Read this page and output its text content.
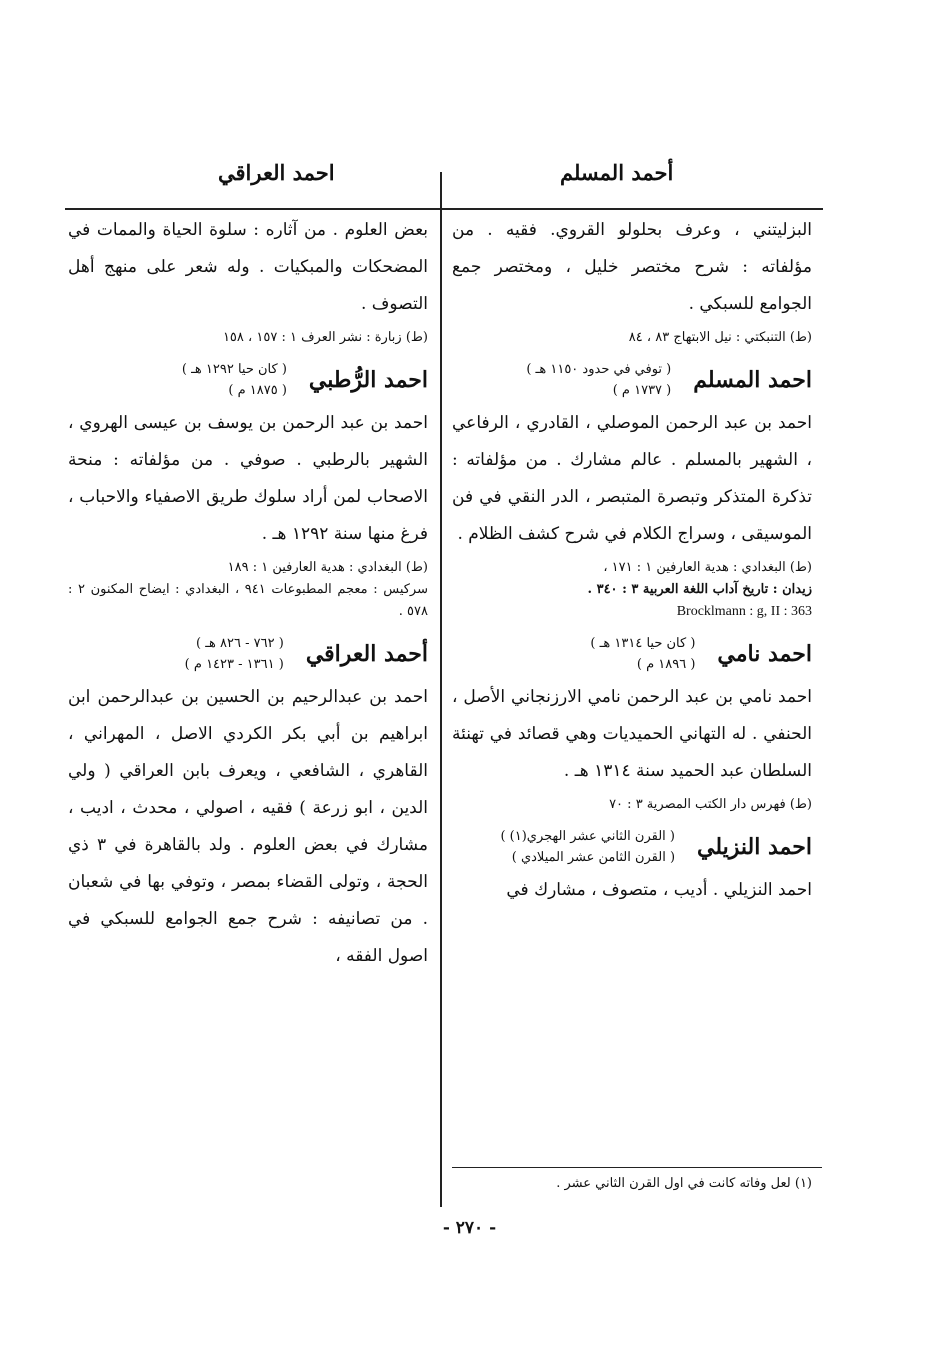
أحمد المسلم
احمد العراقي

البزليتني ، وعرف بحلولو القروي. فقيه . من مؤلفاته : شرح مختصر خليل ، ومختصر جمع الجوامع للسبكي .

(ط) التنبكتي : نيل الابتهاج ٨٣ ، ٨٤

احمد المسلم
( توفي في حدود ١١٥٠ هـ )
( ١٧٣٧ م )

احمد بن عبد الرحمن الموصلي ، القادري ، الرفاعي ، الشهير بالمسلم . عالم مشارك . من مؤلفاته : تذكرة المتذكر وتبصرة المتبصر ، الدر النقي في فن الموسيقى ، وسراج الكلام في شرح كشف الظلام .

(ط) البغدادي : هدية العارفين ١ : ١٧١ ،

زيدان : تاريخ آداب اللغة العربية ٣ : ٣٤٠ .

Brocklmann : g, II : 363

احمد نامي
( كان حيا ١٣١٤ هـ )
( ١٨٩٦ م )

احمد نامي بن عبد الرحمن نامي الارزنجاني الأصل ، الحنفي . له التهاني الحميديات وهي قصائد في تهنئة السلطان عبد الحميد سنة ١٣١٤ هـ .

(ط) فهرس دار الكتب المصرية ٣ : ٧٠

احمد النزيلي
( القرن الثاني عشر الهجري(١) )
( القرن الثامن عشر الميلادي )

احمد النزيلي . أديب ، متصوف ، مشارك في

بعض العلوم . من آثاره : سلوة الحياة والممات في المضحكات والمبكيات . وله شعر على منهج أهل التصوف .

(ط) زبارة : نشر العرف ١ : ١٥٧ ، ١٥٨

احمد الرُّطبي
( كان حيا ١٢٩٢ هـ )
( ١٨٧٥ م )

احمد بن عبد الرحمن بن يوسف بن عيسى الهروي ، الشهير بالرطبي . صوفي . من مؤلفاته : منحة الاصحاب لمن أراد سلوك طريق الاصفياء والاحباب ، فرغ منها سنة ١٢٩٢ هـ .

(ط) البغدادي : هدية العارفين ١ : ١٨٩

سركيس : معجم المطبوعات ٩٤١ ، البغدادي : ايضاح المكنون ٢ : ٥٧٨ .

أحمد العراقي
( ٧٦٢ - ٨٢٦ هـ )
( ١٣٦١ - ١٤٢٣ م )

احمد بن عبدالرحيم بن الحسين بن عبدالرحمن ابن ابراهيم بن أبي بكر الكردي الاصل ، المهراني ، القاهري ، الشافعي ، ويعرف بابن العراقي ( ولي الدين ، ابو زرعة ) فقيه ، اصولي ، محدث ، اديب ، مشارك في بعض العلوم . ولد بالقاهرة في ٣ ذي الحجة ، وتولى القضاء بمصر ، وتوفي بها في شعبان . من تصانيفه : شرح جمع الجوامع للسبكي في اصول الفقه ،

(١) لعل وفاته كانت في اول القرن الثاني عشر .
- ٢٧٠ -
